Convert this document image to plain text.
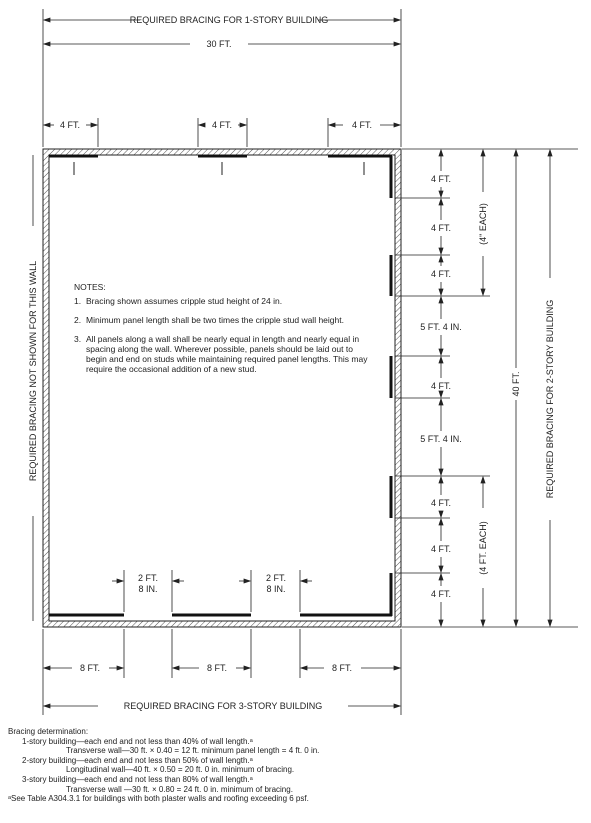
REQUIRED BRACING FOR 1-STORY BUILDING
30 FT.
4 FT.	4 FT.	4 FT.
REQUIRED BRACING NOT SHOWN FOR THIS WALL
4 FT.
4 FT.
4 FT.
5 FT. 4 IN.
4 FT.
5 FT. 4 IN.
4 FT.
4 FT.
4 FT.
(4" EACH)
(4 FT. EACH)
40 FT.	REQUIRED BRACING FOR 2-STORY BUILDING
2 FT.
8 IN.
2 FT.
8 IN.
8 FT.	8 FT.	8 FT.
REQUIRED BRACING FOR 3-STORY BUILDING
NOTES:
1. Bracing shown assumes cripple stud height of 24 in.
2. Minimum panel length shall be two times the cripple stud wall height.
3. All panels along a wall shall be nearly equal in length and nearly equal in spacing along the wall. Wherever possible, panels should be laid out to begin and end on studs while maintaining required panel lengths. This may require the occasional addition of a new stud.
Bracing determination:
1-story building—each end and not less than 40% of wall length.ᵃ
Transverse wall—30 ft. × 0.40 = 12 ft. minimum panel length = 4 ft. 0 in.
2-story building—each end and not less than 50% of wall length.ᵃ
Longitudinal wall—40 ft. × 0.50 = 20 ft. 0 in. minimum of bracing.
3-story building—each end and not less than 80% of wall length.ᵃ
Transverse wall —30 ft. × 0.80 = 24 ft. 0 in. minimum of bracing.
ᵃSee Table A304.3.1 for buildings with both plaster walls and roofing exceeding 6 psf.
